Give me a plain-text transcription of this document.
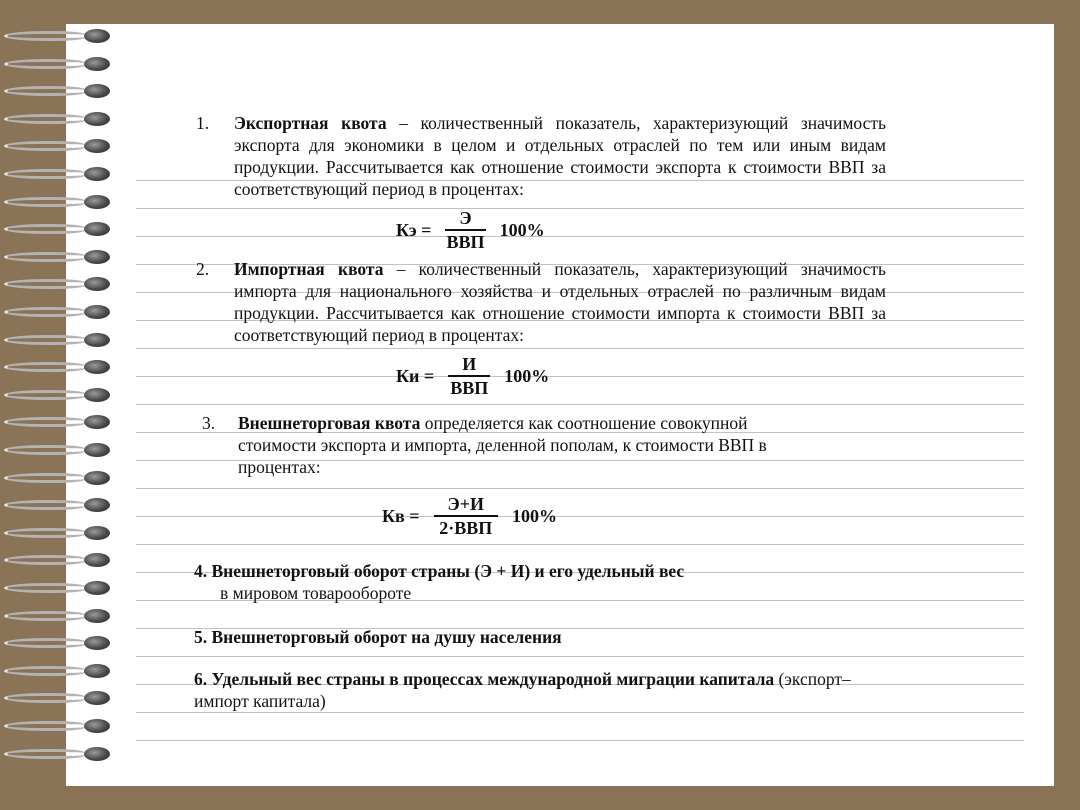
1. Экспортная квота – количественный показатель, характеризующий значимость экспорта для экономики в целом и отдельных отраслей по тем или иным видам продукции. Рассчитывается как отношение стоимости экспорта к стоимости ВВП за соответствующий период в процентах:

Кэ = $\frac{Э}{\text{ВВП}} 100\%$
2. Импортная квота – количественный показатель, характеризующий значимость импорта для национального хозяйства и отдельных отраслей по различным видам продукции. Рассчитывается как отношение стоимости импорта к стоимости ВВП за соответствующий период в процентах:

Ки = $\frac{И}{\text{ВВП}} 100\%$
3. Внешнеторговая квота определяется как соотношение совокупной стоимости экспорта и импорта, деленной пополам, к стоимости ВВП в процентах:

Кв = $\frac{Э+И}{\text{2·ВВП}} 100\%$

4. Внешнеторговый оборот страны (Э + И) и его удельный вес
в мировом товарообороте

5. Внешнеторговый оборот на душу населения

6. Удельный вес страны в процессах международной миграции капитала (экспорт–импорт капитала)
